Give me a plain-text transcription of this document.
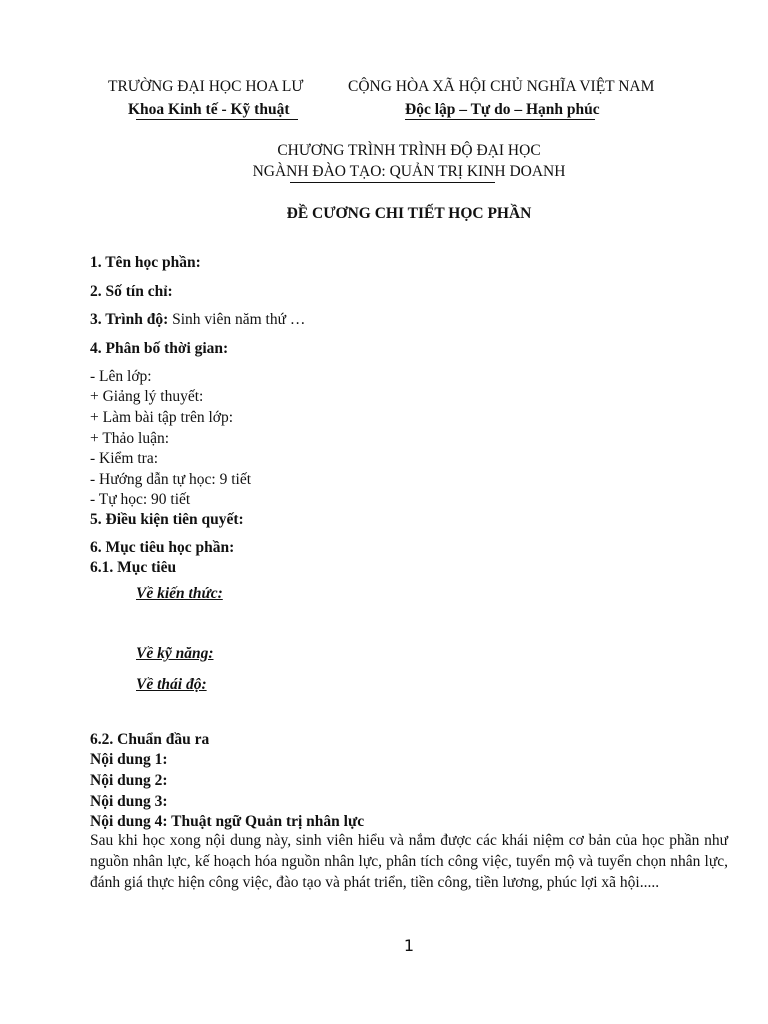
TRƯỜNG ĐẠI HỌC HOA LƯ
Khoa Kinh tế - Kỹ thuật
CỘNG HÒA XÃ HỘI CHỦ NGHĨA VIỆT NAM
Độc lập – Tự do – Hạnh phúc
CHƯƠNG TRÌNH TRÌNH ĐỘ ĐẠI HỌC
NGÀNH ĐÀO TẠO: QUẢN TRỊ KINH DOANH
ĐỀ CƯƠNG CHI TIẾT HỌC PHẦN
1. Tên học phần:
2. Số tín chỉ:
3. Trình độ: Sinh viên năm thứ …
4. Phân bố thời gian:
- Lên lớp:
+ Giảng lý thuyết:
+ Làm bài tập trên lớp:
+ Thảo luận:
- Kiểm tra:
- Hướng dẫn tự học: 9 tiết
- Tự học: 90 tiết
5. Điều kiện tiên quyết:
6. Mục tiêu học phần:
6.1. Mục tiêu
Về kiến thức:
Về kỹ năng:
Về thái độ:
6.2. Chuẩn đầu ra
Nội dung 1:
Nội dung 2:
Nội dung 3:
Nội dung 4: Thuật ngữ Quản trị nhân lực
Sau khi học xong nội dung này, sinh viên hiểu và nắm được các khái niệm cơ bản của học phần như nguồn nhân lực, kế hoạch hóa nguồn nhân lực, phân tích công việc, tuyển mộ và tuyển chọn nhân lực, đánh giá thực hiện công việc, đào tạo và phát triển, tiền công, tiền lương, phúc lợi xã hội.....
1
